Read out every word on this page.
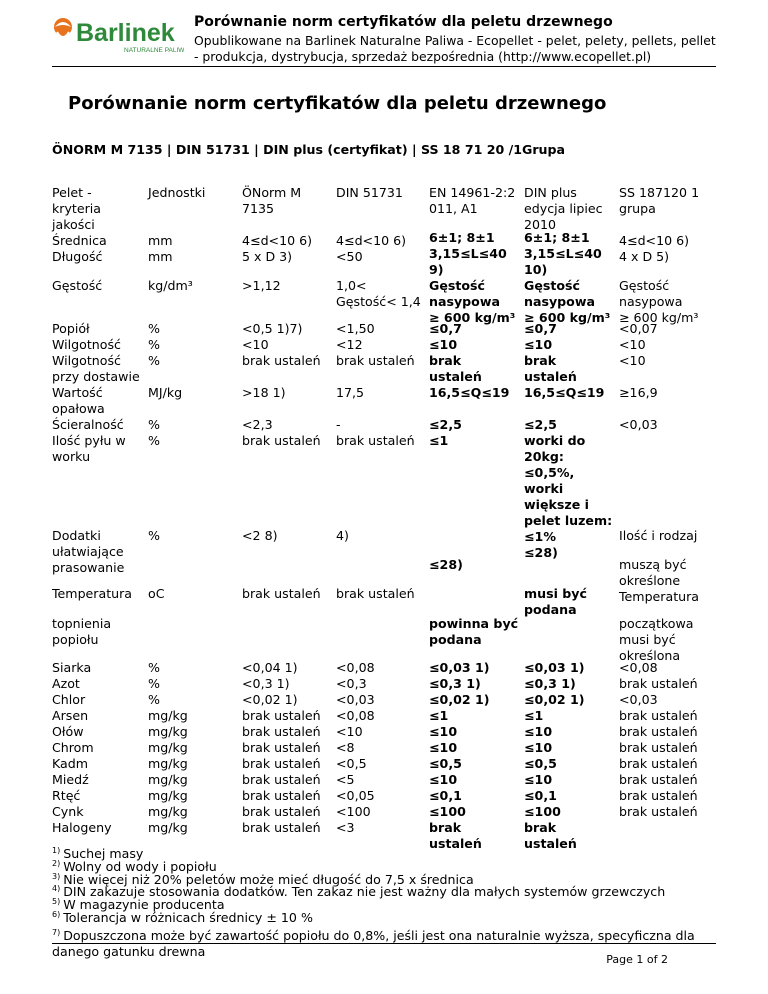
Barlinek
NATURALNE PALIWA
Porównanie norm certyfikatów dla peletu drzewnego
Opublikowane na Barlinek Naturalne Paliwa - Ecopellet - pelet, pelety, pellets, pellet - produkcja, dystrybucja, sprzedaż bezpośrednia (http://www.ecopellet.pl)
Porównanie norm certyfikatów dla peletu drzewnego
ÖNORM M 7135 | DIN 51731 | DIN plus (certyfikat) | SS 18 71 20 /1Grupa
Pelet -
kryteria
jakości
Średnica
Długość
Gęstość
Popiół
Wilgotność
Wilgotność
przy dostawie
Wartość
opałowa
Ścieralność
Ilość pyłu w
worku
Dodatki
ułatwiające
prasowanie
Temperatura
topnienia
popiołu
Siarka
Azot
Chlor
Arsen
Ołów
Chrom
Kadm
Miedź
Rtęć
Cynk
Halogeny
Jednostki

mm
mm
kg/dm³
%
%
%

MJ/kg

%
%
%
oC
%
%
%
mg/kg
mg/kg
mg/kg
mg/kg
mg/kg
mg/kg
mg/kg
mg/kg
ÖNorm M
7135

4≤d<10 6)
5 x D 3)
>1,12
<0,5 1)7)
<10
brak ustaleń

>18 1)

<2,3
brak ustaleń
<2 8)
brak ustaleń
<0,04 1)
<0,3 1)
<0,02 1)
brak ustaleń
brak ustaleń
brak ustaleń
brak ustaleń
brak ustaleń
brak ustaleń
brak ustaleń
brak ustaleń
DIN 51731

4≤d<10 6)
<50
1,0<
Gęstość< 1,4
<1,50
<12
brak ustaleń

17,5

-
brak ustaleń
4)
brak ustaleń
<0,08
<0,3
<0,03
<0,08
<10
<8
<0,5
<5
<0,05
<100
<3
EN 14961-2:2
011, A1
6±1; 8±1
3,15≤L≤40
9)
Gęstość
nasypowa
≥ 600 kg/m³
≤0,7
≤10
brak
ustaleń
16,5≤Q≤19

≤2,5
≤1
≤28)
powinna być
podana
≤0,03 1)
≤0,3 1)
≤0,02 1)
≤1
≤10
≤10
≤0,5
≤10
≤0,1
≤100
brak
ustaleń
DIN plus
edycja lipiec
2010
6±1; 8±1
3,15≤L≤40
10)
Gęstość
nasypowa
≥ 600 kg/m³
≤0,7
≤10
brak
ustaleń
16,5≤Q≤19

≤2,5
worki do
20kg:
≤0,5%,
worki
większe i
pelet luzem:
≤1%
≤28)
musi być
podana
≤0,03 1)
≤0,3 1)
≤0,02 1)
≤1
≤10
≤10
≤0,5
≤10
≤0,1
≤100
brak
ustaleń
SS 187120 1
grupa

4≤d<10 6)
4 x D 5)
Gęstość
nasypowa
≥ 600 kg/m³
<0,07
<10
<10

≥16,9

<0,03
Ilość i rodzaj
muszą być
określone
Temperatura
początkowa
musi być
określona
<0,08
brak ustaleń
<0,03
brak ustaleń
brak ustaleń
brak ustaleń
brak ustaleń
brak ustaleń
brak ustaleń
brak ustaleń
$^{1)}$ Suchej masy
$^{2)}$ Wolny od wody i popiołu
$^{3)}$ Nie więcej niż 20% peletów może mieć długość do 7,5 x średnica
$^{4)}$ DIN zakazuje stosowania dodatków. Ten zakaz nie jest ważny dla małych systemów grzewczych
$^{5)}$ W magazynie producenta
$^{6)}$ Tolerancja w różnicach średnicy ± 10 %
$^{7)}$ Dopuszczona może być zawartość popiołu do 0,8%, jeśli jest ona naturalnie wyższa, specyficzna dla danego gatunku drewna
Page 1 of 2
